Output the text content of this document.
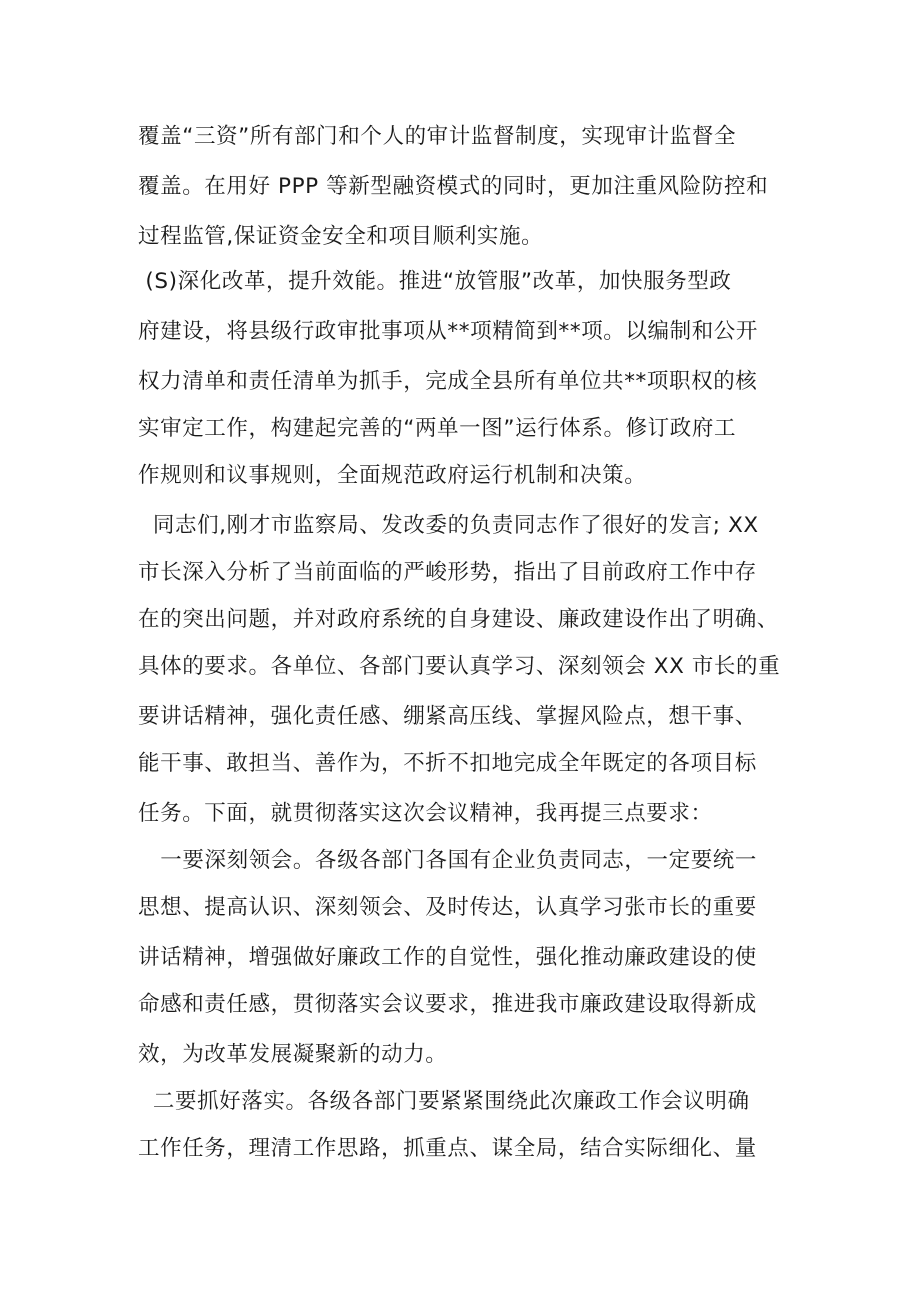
覆盖“三资”所有部门和个人的审计监督制度，实现审计监督全
覆盖。在用好 PPP 等新型融资模式的同时，更加注重风险防控和
过程监管,保证资金安全和项目顺利实施。
(S)深化改革，提升效能。推进“放管服”改革，加快服务型政
府建设，将县级行政审批事项从**项精简到**项。以编制和公开
权力清单和责任清单为抓手，完成全县所有单位共**项职权的核
实审定工作，构建起完善的“两单一图”运行体系。修订政府工
作规则和议事规则，全面规范政府运行机制和决策。
同志们,刚才市监察局、发改委的负责同志作了很好的发言; XX
市长深入分析了当前面临的严峻形势，指出了目前政府工作中存
在的突出问题，并对政府系统的自身建设、廉政建设作出了明确、
具体的要求。各单位、各部门要认真学习、深刻领会 XX 市长的重
要讲话精神，强化责任感、绷紧高压线、掌握风险点，想干事、
能干事、敢担当、善作为，不折不扣地完成全年既定的各项目标
任务。下面，就贯彻落实这次会议精神，我再提三点要求：
一要深刻领会。各级各部门各国有企业负责同志，一定要统一
思想、提高认识、深刻领会、及时传达，认真学习张市长的重要
讲话精神，增强做好廉政工作的自觉性，强化推动廉政建设的使
命感和责任感，贯彻落实会议要求，推进我市廉政建设取得新成
效，为改革发展凝聚新的动力。
二要抓好落实。各级各部门要紧紧围绕此次廉政工作会议明确
工作任务，理清工作思路，抓重点、谋全局，结合实际细化、量
